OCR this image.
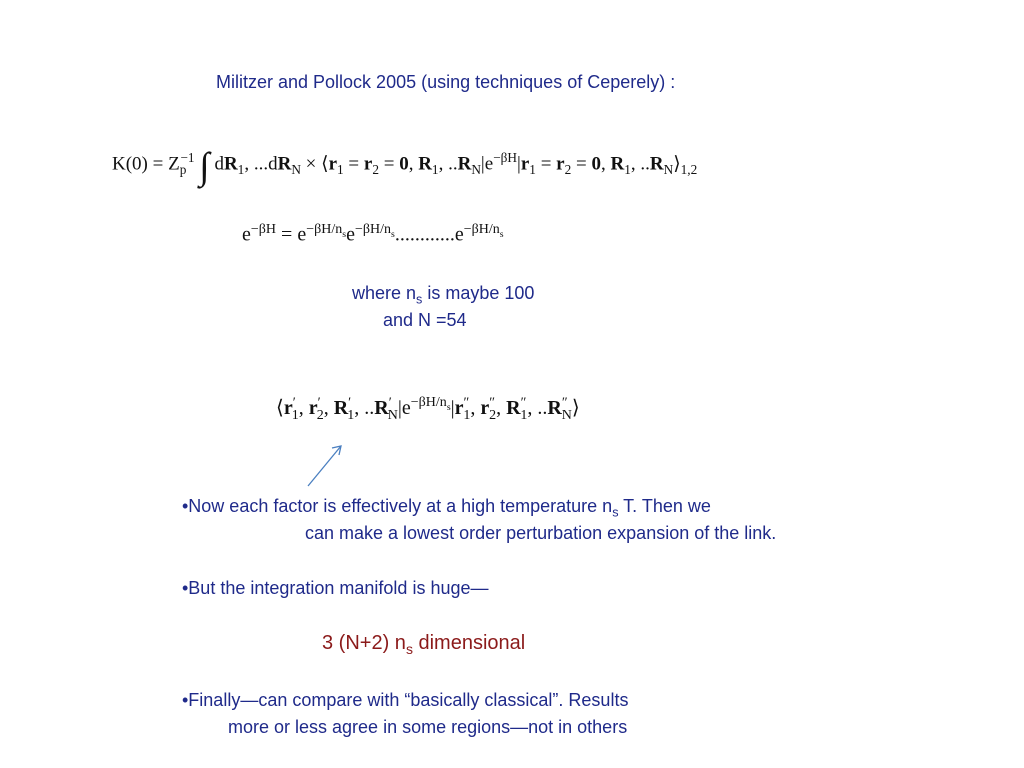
Militzer and Pollock 2005 (using techniques of Ceperely) :
$K(0) = Z_p^{-1}$ ∫ $dR_1$, $...dR_N$ × $⟨r_1 = r_2 = 0$, $R_1$, $..R_N|e^{-\beta H}|r_1 = r_2 = 0$, $R_1$, $..R_N⟩_{1,2}$
$e^{-\beta H} = e^{-\beta H/n_s}e^{-\beta H/n_s}............e^{-\beta H/n_s}$
where $n_s$ is maybe 100
and N =54
$⟨r'_1$, $r'_2$, $R'_1$, $..R'_N|e^{-\beta H/n_s}|r''_1$, $r''_2$, $R''_1$, $..R''_N⟩$
•Now each factor is effectively at a high temperature $n_s$ T. Then we
can make a lowest order perturbation expansion of the link.
•But the integration manifold is huge—
3 (N+2) $n_s$ dimensional
•Finally—can compare with “basically classical”. Results
more or less agree in some regions—not in others
